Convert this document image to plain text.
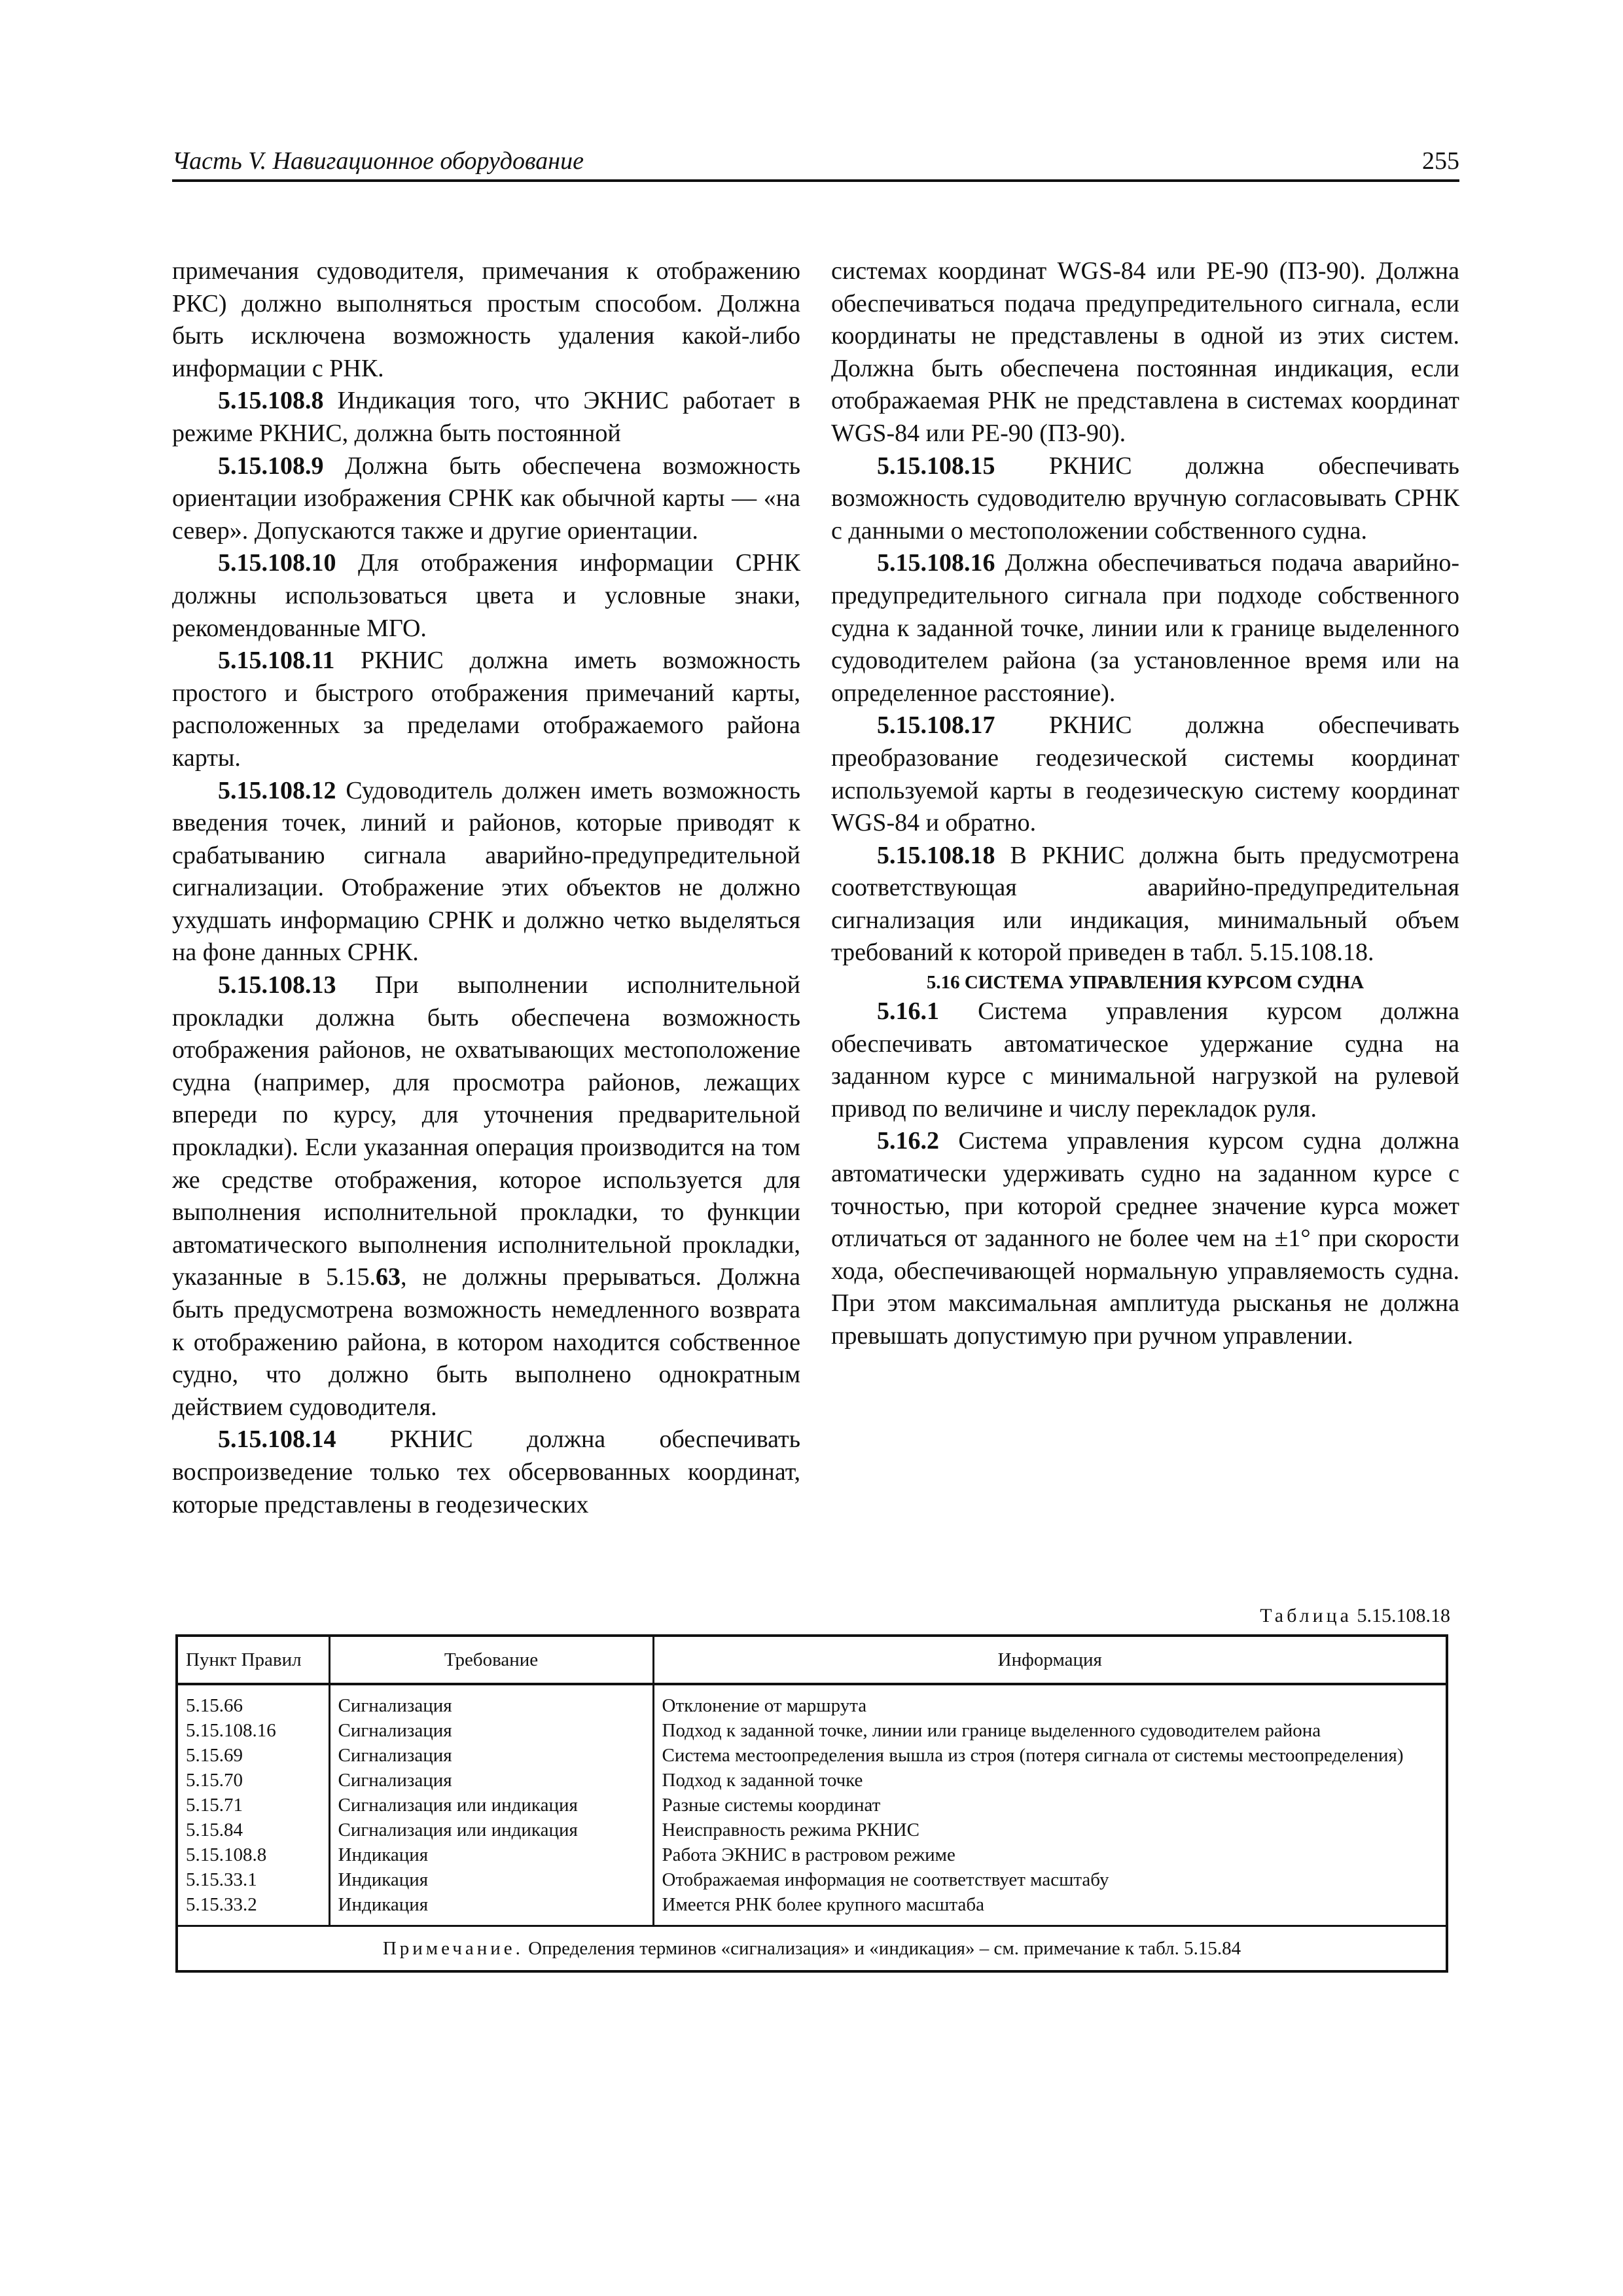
Часть V. Навигационное оборудование	255

примечания судоводителя, примечания к отображению РКС) должно выполняться простым способом. Должна быть исключена возможность удаления какой-либо информации с РНК.

5.15.108.8 Индикация того, что ЭКНИС работает в режиме РКНИС, должна быть постоянной

5.15.108.9 Должна быть обеспечена возможность ориентации изображения СРНК как обычной карты — «на север». Допускаются также и другие ориентации.

5.15.108.10 Для отображения информации СРНК должны использоваться цвета и условные знаки, рекомендованные МГО.

5.15.108.11 РКНИС должна иметь возможность простого и быстрого отображения примечаний карты, расположенных за пределами отображаемого района карты.

5.15.108.12 Судоводитель должен иметь возможность введения точек, линий и районов, которые приводят к срабатыванию сигнала аварийно-предупредительной сигнализации. Отображение этих объектов не должно ухудшать информацию СРНК и должно четко выделяться на фоне данных СРНК.

5.15.108.13 При выполнении исполнительной прокладки должна быть обеспечена возможность отображения районов, не охватывающих местоположение судна (например, для просмотра районов, лежащих впереди по курсу, для уточнения предварительной прокладки). Если указанная операция производится на том же средстве отображения, которое используется для выполнения исполнительной прокладки, то функции автоматического выполнения исполнительной прокладки, указанные в 5.15.63, не должны прерываться. Должна быть предусмотрена возможность немедленного возврата к отображению района, в котором находится собственное судно, что должно быть выполнено однократным действием судоводителя.

5.15.108.14 РКНИС должна обеспечивать воспроизведение только тех обсервованных координат, которые представлены в геодезических

системах координат WGS-84 или PE-90 (ПЗ-90). Должна обеспечиваться подача предупредительного сигнала, если координаты не представлены в одной из этих систем. Должна быть обеспечена постоянная индикация, если отображаемая РНК не представлена в системах координат WGS-84 или PE-90 (ПЗ-90).

5.15.108.15 РКНИС должна обеспечивать возможность судоводителю вручную согласовывать СРНК с данными о местоположении собственного судна.

5.15.108.16 Должна обеспечиваться подача аварийно-предупредительного сигнала при подходе собственного судна к заданной точке, линии или к границе выделенного судоводителем района (за установленное время или на определенное расстояние).

5.15.108.17 РКНИС должна обеспечивать преобразование геодезической системы координат используемой карты в геодезическую систему координат WGS-84 и обратно.

5.15.108.18 В РКНИС должна быть предусмотрена соответствующая аварийно-предупредительная сигнализация или индикация, минимальный объем требований к которой приведен в табл. 5.15.108.18.

5.16 СИСТЕМА УПРАВЛЕНИЯ КУРСОМ СУДНА

5.16.1 Система управления курсом должна обеспечивать автоматическое удержание судна на заданном курсе с минимальной нагрузкой на рулевой привод по величине и числу перекладок руля.

5.16.2 Система управления курсом судна должна автоматически удерживать судно на заданном курсе с точностью, при которой среднее значение курса может отличаться от заданного не более чем на ±1° при скорости хода, обеспечивающей нормальную управляемость судна. При этом максимальная амплитуда рысканья не должна превышать допустимую при ручном управлении.

Таблица 5.15.108.18
Пункт Правил	Требование	Информация
5.15.66	Сигнализация	Отклонение от маршрута
5.15.108.16	Сигнализация	Подход к заданной точке, линии или границе выделенного судоводителем района
5.15.69	Сигнализация	Система местоопределения вышла из строя (потеря сигнала от системы местоопределения)
5.15.70	Сигнализация	Подход к заданной точке
5.15.71	Сигнализация или индикация	Разные системы координат
5.15.84	Сигнализация или индикация	Неисправность режима РКНИС
5.15.108.8	Индикация	Работа ЭКНИС в растровом режиме
5.15.33.1	Индикация	Отображаемая информация не соответствует масштабу
5.15.33.2	Индикация	Имеется РНК более крупного масштаба
Примечание. Определения терминов «сигнализация» и «индикация» – см. примечание к табл. 5.15.84		
